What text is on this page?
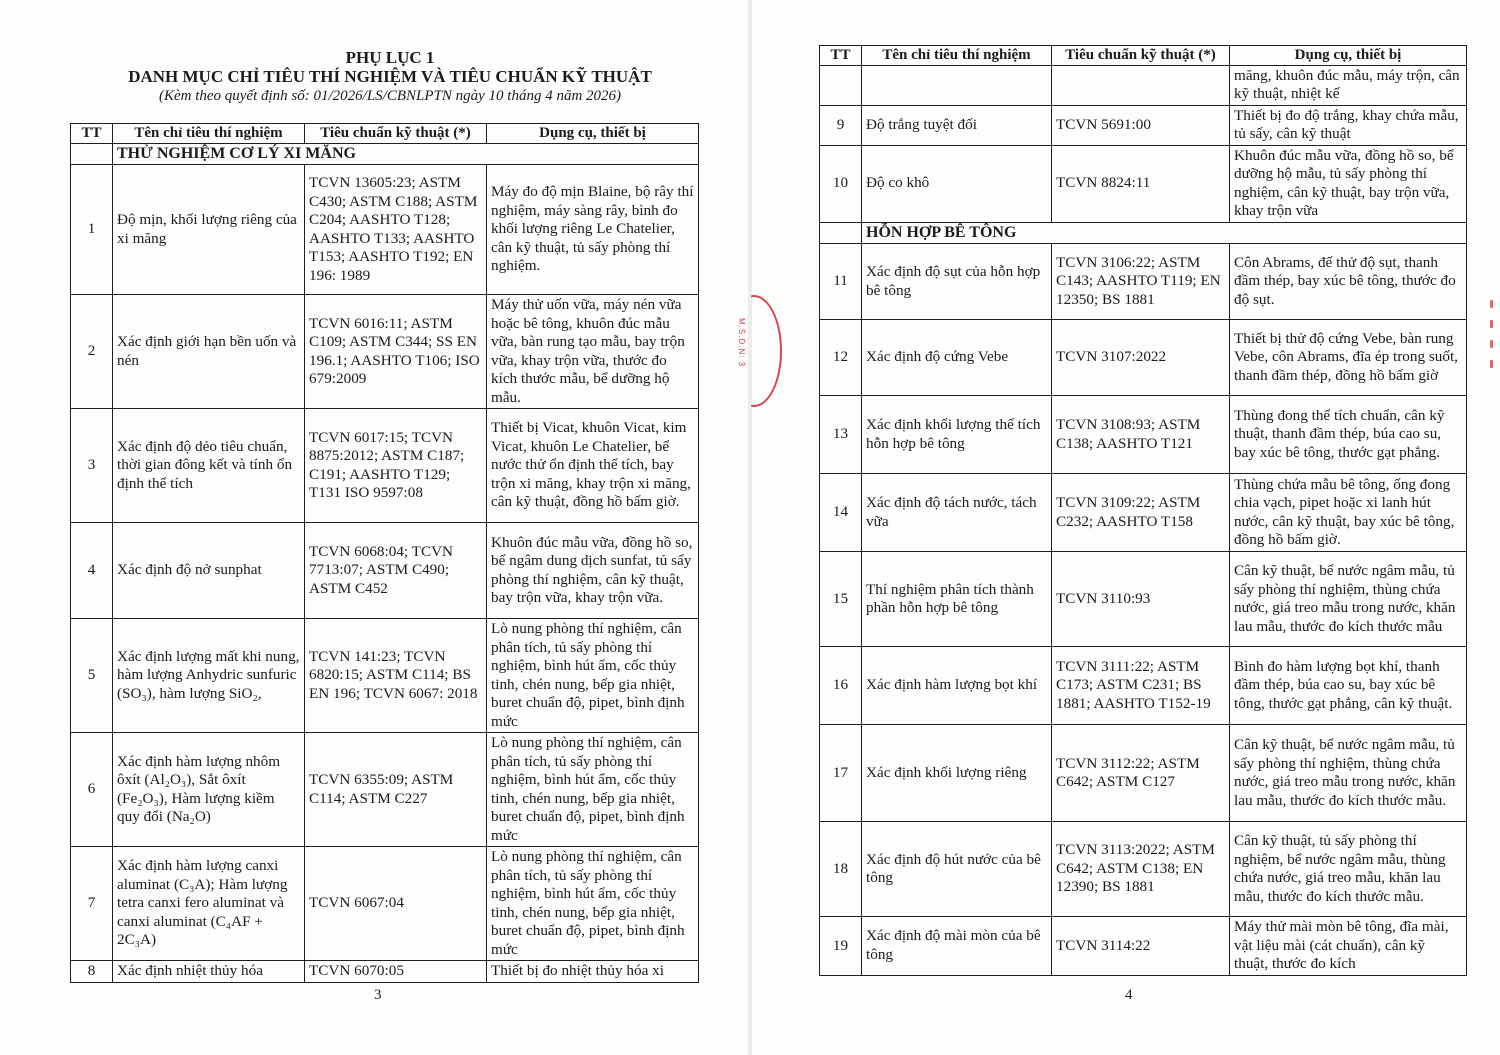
PHỤ LỤC 1
DANH MỤC CHỈ TIÊU THÍ NGHIỆM VÀ TIÊU CHUẨN KỸ THUẬT
(Kèm theo quyết định số: 01/2026/LS/CBNLPTN ngày 10 tháng 4 năm 2026)
TT	Tên chỉ tiêu thí nghiệm	Tiêu chuẩn kỹ thuật (*)	Dụng cụ, thiết bị
	THỬ NGHIỆM CƠ LÝ XI MĂNG		
1	Độ mịn, khối lượng riêng của xi măng	TCVN 13605:23; ASTM C430; ASTM C188; ASTM C204; AASHTO T128; AASHTO T133; AASHTO T153; AASHTO T192; EN 196: 1989	Máy đo độ mịn Blaine, bộ rây thí nghiệm, máy sàng rây, bình đo khối lượng riêng Le Chatelier, cân kỹ thuật, tủ sấy phòng thí nghiệm.
2	Xác định giới hạn bền uốn và nén	TCVN 6016:11; ASTM C109; ASTM C344; SS EN 196.1; AASHTO T106; ISO 679:2009	Máy thử uốn vữa, máy nén vữa hoặc bê tông, khuôn đúc mẫu vữa, bàn rung tạo mẫu, bay trộn vữa, khay trộn vữa, thước đo kích thước mẫu, bể dưỡng hộ mẫu.
3	Xác định độ dẻo tiêu chuẩn, thời gian đông kết và tính ổn định thể tích	TCVN 6017:15; TCVN 8875:2012; ASTM C187; C191; AASHTO T129; T131 ISO 9597:08	Thiết bị Vicat, khuôn Vicat, kim Vicat, khuôn Le Chatelier, bể nước thử ổn định thể tích, bay trộn xi măng, khay trộn xi măng, cân kỹ thuật, đồng hồ bấm giờ.
4	Xác định độ nở sunphat	TCVN 6068:04; TCVN 7713:07; ASTM C490; ASTM C452	Khuôn đúc mẫu vữa, đồng hồ so, bể ngâm dung dịch sunfat, tủ sấy phòng thí nghiệm, cân kỹ thuật, bay trộn vữa, khay trộn vữa.
5	Xác định lượng mất khi nung, hàm lượng Anhydric sunfuric (SO₃), hàm lượng SiO₂,	TCVN 141:23; TCVN 6820:15; ASTM C114; BS EN 196; TCVN 6067: 2018	Lò nung phòng thí nghiệm, cân phân tích, tủ sấy phòng thí nghiệm, bình hút ẩm, cốc thủy tinh, chén nung, bếp gia nhiệt, buret chuẩn độ, pipet, bình định mức
6	Xác định hàm lượng nhôm ôxít (Al₂O₃), Sắt ôxít (Fe₂O₃), Hàm lượng kiềm quy đổi (Na₂O)	TCVN 6355:09; ASTM C114; ASTM C227	Lò nung phòng thí nghiệm, cân phân tích, tủ sấy phòng thí nghiệm, bình hút ẩm, cốc thủy tinh, chén nung, bếp gia nhiệt, buret chuẩn độ, pipet, bình định mức
7	Xác định hàm lượng canxi aluminat (C₃A); Hàm lượng tetra canxi fero aluminat và canxi aluminat (C₄AF + 2C₃A)	TCVN 6067:04	Lò nung phòng thí nghiệm, cân phân tích, tủ sấy phòng thí nghiệm, bình hút ẩm, cốc thủy tinh, chén nung, bếp gia nhiệt, buret chuẩn độ, pipet, bình định mức
8	Xác định nhiệt thủy hóa	TCVN 6070:05	Thiết bị đo nhiệt thủy hóa xi
3
M.S.D.N: 3
TT	Tên chỉ tiêu thí nghiệm	Tiêu chuẩn kỹ thuật (*)	Dụng cụ, thiết bị
			măng, khuôn đúc mẫu, máy trộn, cân kỹ thuật, nhiệt kế
9	Độ trắng tuyệt đối	TCVN 5691:00	Thiết bị đo độ trắng, khay chứa mẫu, tủ sấy, cân kỹ thuật
10	Độ co khô	TCVN 8824:11	Khuôn đúc mẫu vữa, đồng hồ so, bể dưỡng hộ mẫu, tủ sấy phòng thí nghiệm, cân kỹ thuật, bay trộn vữa, khay trộn vữa
	HỖN HỢP BÊ TÔNG		
11	Xác định độ sụt của hỗn hợp bê tông	TCVN 3106:22; ASTM C143; AASHTO T119; EN 12350; BS 1881	Côn Abrams, đế thử độ sụt, thanh đầm thép, bay xúc bê tông, thước đo độ sụt.
12	Xác định độ cứng Vebe	TCVN 3107:2022	Thiết bị thử độ cứng Vebe, bàn rung Vebe, côn Abrams, đĩa ép trong suốt, thanh đầm thép, đồng hồ bấm giờ
13	Xác định khối lượng thể tích hỗn hợp bê tông	TCVN 3108:93; ASTM C138; AASHTO T121	Thùng đong thể tích chuẩn, cân kỹ thuật, thanh đầm thép, búa cao su, bay xúc bê tông, thước gạt phẳng.
14	Xác định độ tách nước, tách vữa	TCVN 3109:22; ASTM C232; AASHTO T158	Thùng chứa mẫu bê tông, ống đong chia vạch, pipet hoặc xi lanh hút nước, cân kỹ thuật, bay xúc bê tông, đồng hồ bấm giờ.
15	Thí nghiệm phân tích thành phần hỗn hợp bê tông	TCVN 3110:93	Cân kỹ thuật, bể nước ngâm mẫu, tủ sấy phòng thí nghiệm, thùng chứa nước, giá treo mẫu trong nước, khăn lau mẫu, thước đo kích thước mẫu
16	Xác định hàm lượng bọt khí	TCVN 3111:22; ASTM C173; ASTM C231; BS 1881; AASHTO T152-19	Bình đo hàm lượng bọt khí, thanh đầm thép, búa cao su, bay xúc bê tông, thước gạt phẳng, cân kỹ thuật.
17	Xác định khối lượng riêng	TCVN 3112:22; ASTM C642; ASTM C127	Cân kỹ thuật, bể nước ngâm mẫu, tủ sấy phòng thí nghiệm, thùng chứa nước, giá treo mẫu trong nước, khăn lau mẫu, thước đo kích thước mẫu.
18	Xác định độ hút nước của bê tông	TCVN 3113:2022; ASTM C642; ASTM C138; EN 12390; BS 1881	Cân kỹ thuật, tủ sấy phòng thí nghiệm, bể nước ngâm mẫu, thùng chứa nước, giá treo mẫu, khăn lau mẫu, thước đo kích thước mẫu.
19	Xác định độ mài mòn của bê tông	TCVN 3114:22	Máy thử mài mòn bê tông, đĩa mài, vật liệu mài (cát chuẩn), cân kỹ thuật, thước đo kích
4
